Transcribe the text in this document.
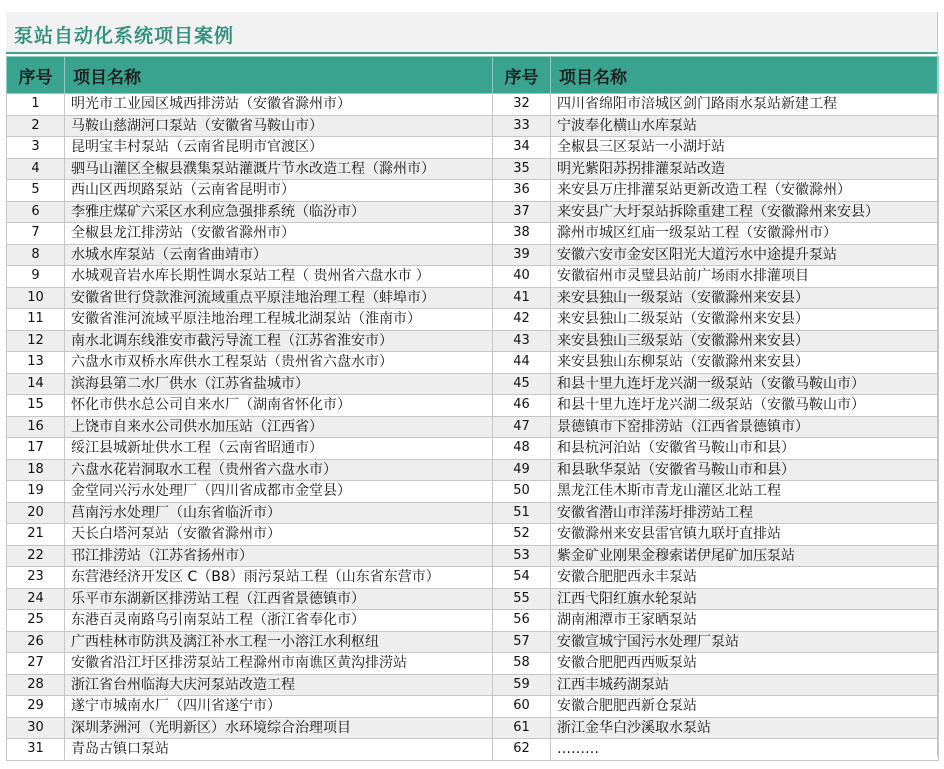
泵站自动化系统项目案例
序号	项目名称	序号	项目名称
1	明光市工业园区城西排涝站（安徽省滁州市）	32	四川省绵阳市涪城区剑门路雨水泵站新建工程
2	马鞍山慈湖河口泵站（安徽省马鞍山市）	33	宁波奉化横山水库泵站
3	昆明宝丰村泵站（云南省昆明市官渡区）	34	全椒县三区泵站一小湖圩站
4	驷马山灌区全椒县濮集泵站灌溉片节水改造工程（滁州市）	35	明光紫阳苏拐排灌泵站改造
5	西山区西坝路泵站（云南省昆明市）	36	来安县万庄排灌泵站更新改造工程（安徽滁州）
6	李雅庄煤矿六采区水利应急强排系统（临汾市）	37	来安县广大圩泵站拆除重建工程（安徽滁州来安县）
7	全椒县龙江排涝站（安徽省滁州市）	38	滁州市城区红庙一级泵站工程（安徽滁州市）
8	水城水库泵站（云南省曲靖市）	39	安徽六安市金安区阳光大道污水中途提升泵站
9	水城观音岩水库长期性调水泵站工程（ 贵州省六盘水市 ）	40	安徽宿州市灵璧县站前广场雨水排灌项目
10	安徽省世行贷款淮河流域重点平原洼地治理工程（蚌埠市）	41	来安县独山一级泵站（安徽滁州来安县）
11	安徽省淮河流域平原洼地治理工程城北湖泵站（淮南市）	42	来安县独山二级泵站（安徽滁州来安县）
12	南水北调东线淮安市截污导流工程（江苏省淮安市）	43	来安县独山三级泵站（安徽滁州来安县）
13	六盘水市双桥水库供水工程泵站（贵州省六盘水市）	44	来安县独山东柳泵站（安徽滁州来安县）
14	滨海县第二水厂供水（江苏省盐城市）	45	和县十里九连圩龙兴湖一级泵站（安徽马鞍山市）
15	怀化市供水总公司自来水厂（湖南省怀化市）	46	和县十里九连圩龙兴湖二级泵站（安徽马鞍山市）
16	上饶市自来水公司供水加压站（江西省）	47	景德镇市下窑排涝站（江西省景德镇市）
17	绥江县城新址供水工程（云南省昭通市）	48	和县杭河泊站（安徽省马鞍山市和县）
18	六盘水花岩洞取水工程（贵州省六盘水市）	49	和县耿华泵站（安徽省马鞍山市和县）
19	金堂同兴污水处理厂（四川省成都市金堂县）	50	黑龙江佳木斯市青龙山灌区北站工程
20	莒南污水处理厂（山东省临沂市）	51	安徽省潜山市洋荡圩排涝站工程
21	天长白塔河泵站（安徽省滁州市）	52	安徽滁州来安县雷官镇九联圩直排站
22	邗江排涝站（江苏省扬州市）	53	紫金矿业刚果金穆索诺伊尾矿加压泵站
23	东营港经济开发区 C（B8）雨污泵站工程（山东省东营市）	54	安徽合肥肥西永丰泵站
24	乐平市东湖新区排涝站工程（江西省景德镇市）	55	江西弋阳红旗水轮泵站
25	东港百灵南路乌引南泵站工程（浙江省奉化市）	56	湖南湘潭市王家晒泵站
26	广西桂林市防洪及漓江补水工程一小溶江水利枢纽	57	安徽宣城宁国污水处理厂泵站
27	安徽省沿江圩区排涝泵站工程滁州市南谯区黄沟排涝站	58	安徽合肥肥西西贩泵站
28	浙江省台州临海大庆河泵站改造工程	59	江西丰城药湖泵站
29	遂宁市城南水厂（四川省遂宁市）	60	安徽合肥肥西新仓泵站
30	深圳茅洲河（光明新区）水环境综合治理项目	61	浙江金华白沙溪取水泵站
31	青岛古镇口泵站	62	………
